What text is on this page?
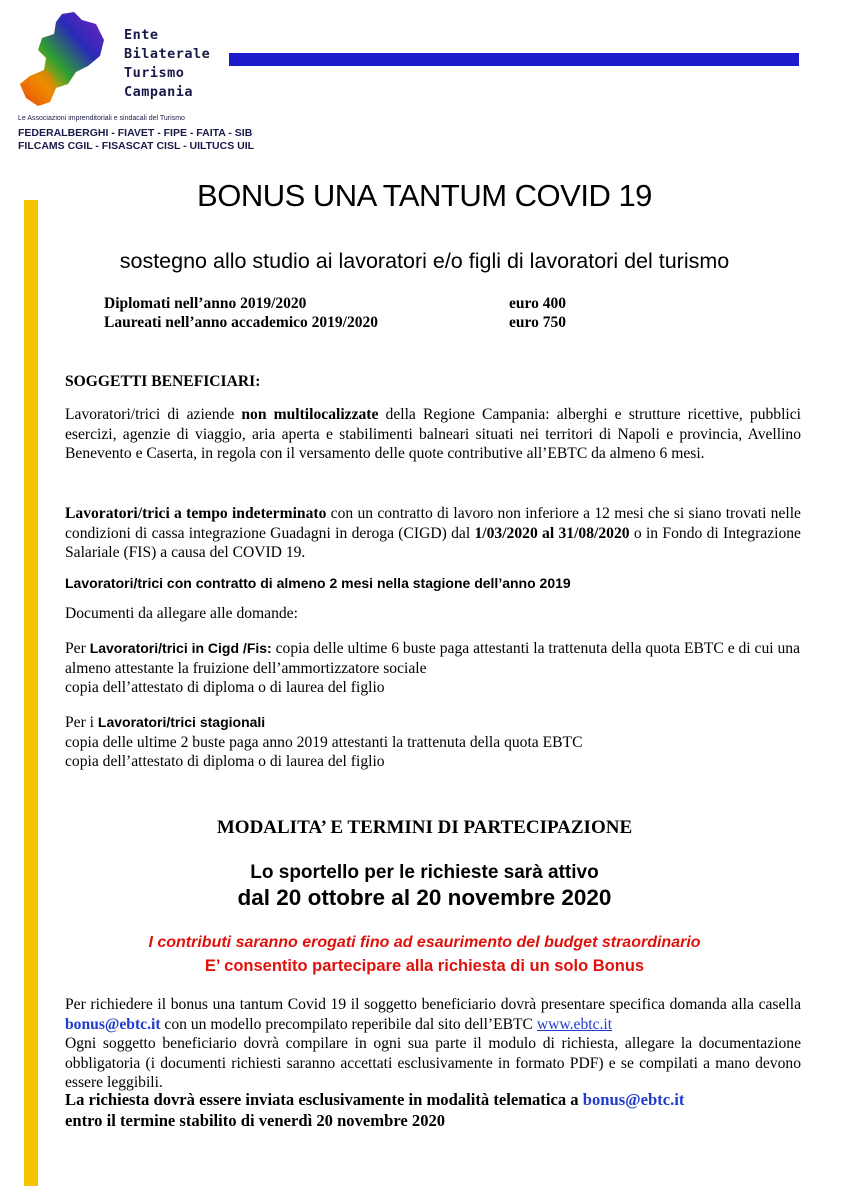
Ente
Bilaterale
Turismo
Campania
Le Associazioni imprenditoriali e sindacali del Turismo
FEDERALBERGHI - FIAVET - FIPE - FAITA - SIB
FILCAMS CGIL - FISASCAT CISL - UILTUCS UIL
BONUS UNA TANTUM COVID 19
sostegno allo studio ai lavoratori e/o figli di lavoratori del turismo
Diplomati nell’anno 2019/2020	euro 400
Laureati nell’anno accademico 2019/2020	euro 750
SOGGETTI BENEFICIARI:
Lavoratori/trici di aziende non multilocalizzate della Regione Campania: alberghi e strutture ricettive, pubblici esercizi, agenzie di viaggio, aria aperta e stabilimenti balneari situati nei territori di Napoli e provincia, Avellino Benevento e Caserta, in regola con il versamento delle quote contributive all’EBTC da almeno 6 mesi.
Lavoratori/trici a tempo indeterminato con un contratto di lavoro non inferiore a 12 mesi che si siano trovati nelle condizioni di cassa integrazione Guadagni in deroga (CIGD) dal 1/03/2020 al 31/08/2020 o in Fondo di Integrazione Salariale (FIS) a causa del COVID 19.
Lavoratori/trici con contratto di almeno 2 mesi nella stagione dell’anno 2019
Documenti da allegare alle domande:
Per Lavoratori/trici in Cigd /Fis: copia delle ultime 6 buste paga attestanti la trattenuta della quota EBTC e di cui una almeno attestante la fruizione dell’ammortizzatore sociale
copia dell’attestato di diploma o di laurea del figlio
Per i Lavoratori/trici stagionali
copia delle ultime 2 buste paga anno 2019 attestanti la trattenuta della quota EBTC
copia dell’attestato di diploma o di laurea del figlio
MODALITA’ E TERMINI DI PARTECIPAZIONE
Lo sportello per le richieste sarà attivo
dal 20 ottobre al 20 novembre 2020
I contributi saranno erogati fino ad esaurimento del budget straordinario
E’ consentito partecipare alla richiesta di un solo Bonus
Per richiedere il bonus una tantum Covid 19 il soggetto beneficiario dovrà presentare specifica domanda alla casella bonus@ebtc.it con un modello precompilato reperibile dal sito dell’EBTC www.ebtc.it
Ogni soggetto beneficiario dovrà compilare in ogni sua parte il modulo di richiesta, allegare la documentazione obbligatoria (i documenti richiesti saranno accettati esclusivamente in formato PDF) e se compilati a mano devono essere leggibili.
La richiesta dovrà essere inviata esclusivamente in modalità telematica a bonus@ebtc.it
entro il termine stabilito di venerdì 20 novembre 2020
